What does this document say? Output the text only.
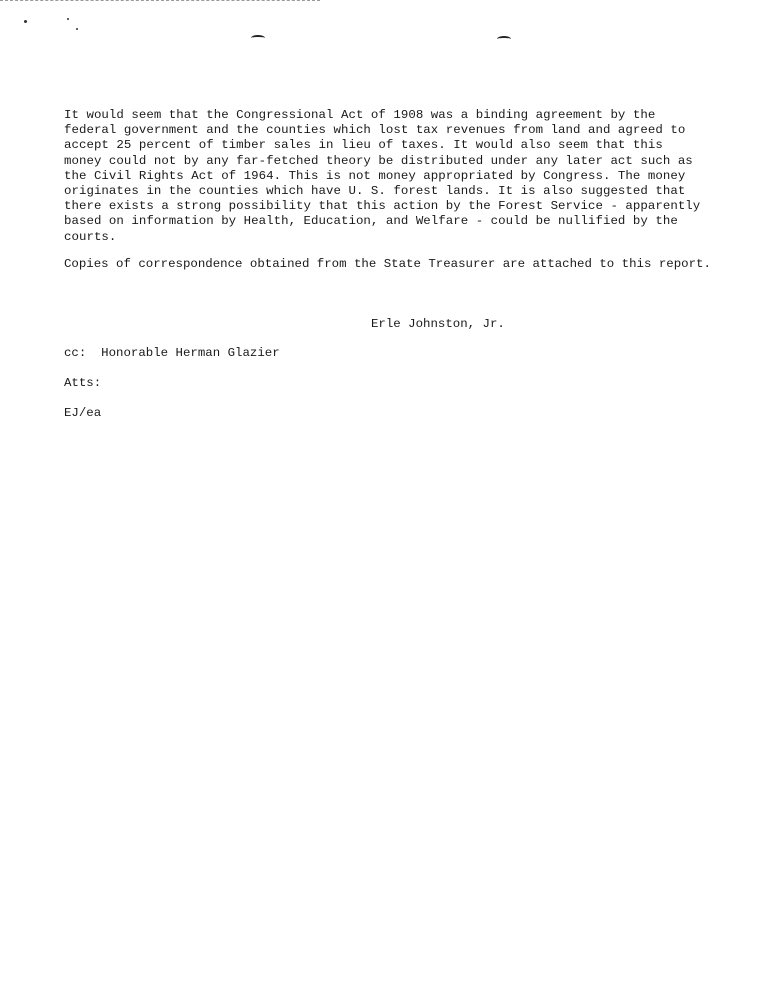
It would seem that the Congressional Act of 1908 was a binding agreement by the
federal government and the counties which lost tax revenues from land and agreed to
accept 25 percent of timber sales in lieu of taxes. It would also seem that this
money could not by any far-fetched theory be distributed under any later act such as
the Civil Rights Act of 1964. This is not money appropriated by Congress. The money
originates in the counties which have U. S. forest lands. It is also suggested that
there exists a strong possibility that this action by the Forest Service - apparently
based on information by Health, Education, and Welfare - could be nullified by the
courts.

Copies of correspondence obtained from the State Treasurer are attached to this report.

Erle Johnston, Jr.

cc:  Honorable Herman Glazier

Atts:

EJ/ea
